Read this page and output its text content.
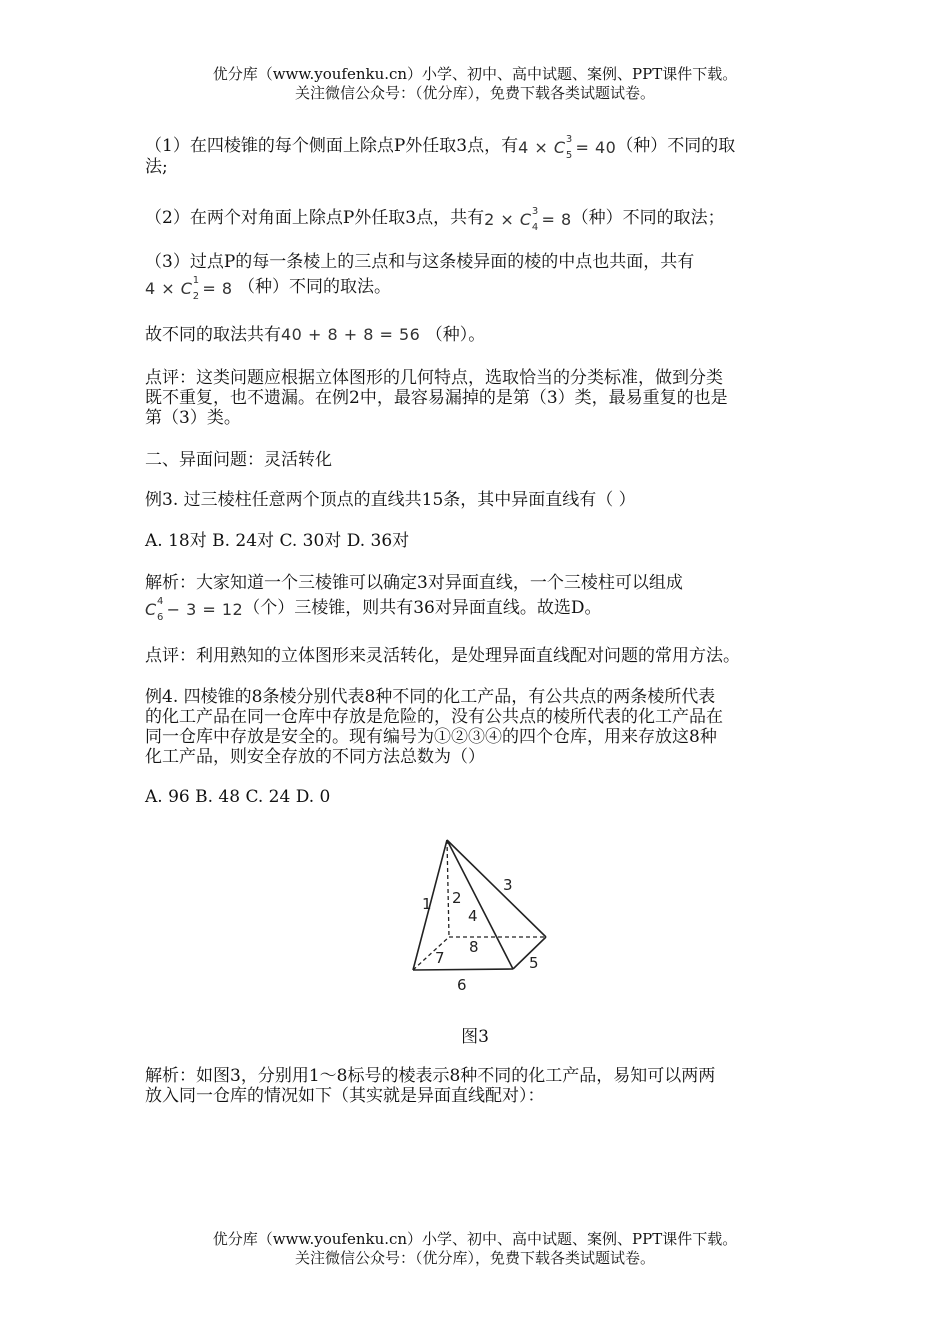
优分库（www.youfenku.cn）小学、初中、高中试题、案例、PPT课件下载。
关注微信公众号：（优分库），免费下载各类试题试卷。
（1）在四棱锥的每个侧面上除点P外任取3点，有4 × C 3
5 = 40（种）不同的取
法;
（2）在两个对角面上除点P外任取3点，共有2 × C 3
4 = 8（种）不同的取法；
（3）过点P的每一条棱上的三点和与这条棱异面的棱的中点也共面，共有
4 × C 1
2 = 8 （种）不同的取法。
故不同的取法共有40 + 8 + 8 = 56 （种）。
点评：这类问题应根据立体图形的几何特点，选取恰当的分类标准，做到分类
既不重复，也不遗漏。在例2中，最容易漏掉的是第（3）类，最易重复的也是
第（3）类。
二、异面问题：灵活转化
例3. 过三棱柱任意两个顶点的直线共15条，其中异面直线有（ ）
A. 18对 B. 24对 C. 30对 D. 36对
解析：大家知道一个三棱锥可以确定3对异面直线，一个三棱柱可以组成
C 4
6 − 3 = 12（个）三棱锥，则共有36对异面直线。故选D。
点评：利用熟知的立体图形来灵活转化，是处理异面直线配对问题的常用方法。
例4. 四棱锥的8条棱分别代表8种不同的化工产品，有公共点的两条棱所代表
的化工产品在同一仓库中存放是危险的，没有公共点的棱所代表的化工产品在
同一仓库中存放是安全的。现有编号为①②③④的四个仓库，用来存放这8种
化工产品，则安全存放的不同方法总数为（）
A. 96 B. 48 C. 24 D. 0
1 2
3
4
5
6
7
8
图3
解析：如图3，分别用1～8标号的棱表示8种不同的化工产品，易知可以两两
放入同一仓库的情况如下（其实就是异面直线配对）：
优分库（www.youfenku.cn）小学、初中、高中试题、案例、PPT课件下载。
关注微信公众号：（优分库），免费下载各类试题试卷。
